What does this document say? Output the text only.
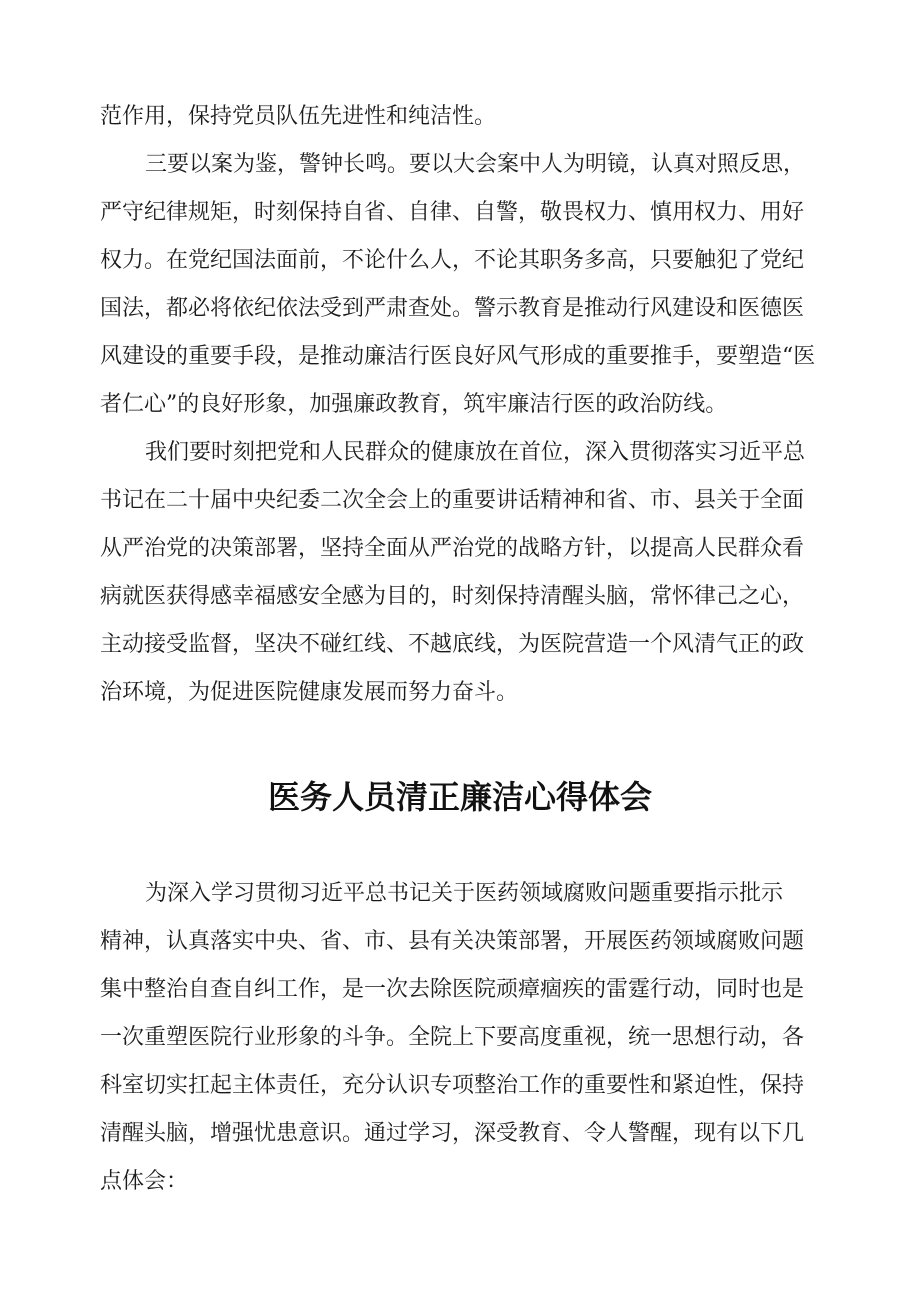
范作用，保持党员队伍先进性和纯洁性。
三要以案为鉴，警钟长鸣。要以大会案中人为明镜，认真对照反思，
严守纪律规矩，时刻保持自省、自律、自警，敬畏权力、慎用权力、用好
权力。在党纪国法面前，不论什么人，不论其职务多高，只要触犯了党纪
国法，都必将依纪依法受到严肃查处。警示教育是推动行风建设和医德医
风建设的重要手段，是推动廉洁行医良好风气形成的重要推手，要塑造“医
者仁心”的良好形象，加强廉政教育，筑牢廉洁行医的政治防线。
我们要时刻把党和人民群众的健康放在首位，深入贯彻落实习近平总
书记在二十届中央纪委二次全会上的重要讲话精神和省、市、县关于全面
从严治党的决策部署，坚持全面从严治党的战略方针，以提高人民群众看
病就医获得感幸福感安全感为目的，时刻保持清醒头脑，常怀律己之心，
主动接受监督，坚决不碰红线、不越底线，为医院营造一个风清气正的政
治环境，为促进医院健康发展而努力奋斗。
医务人员清正廉洁心得体会
为深入学习贯彻习近平总书记关于医药领域腐败问题重要指示批示
精神，认真落实中央、省、市、县有关决策部署，开展医药领域腐败问题
集中整治自查自纠工作，是一次去除医院顽瘴痼疾的雷霆行动，同时也是
一次重塑医院行业形象的斗争。全院上下要高度重视，统一思想行动，各
科室切实扛起主体责任，充分认识专项整治工作的重要性和紧迫性，保持
清醒头脑，增强忧患意识。通过学习，深受教育、令人警醒，现有以下几
点体会：
